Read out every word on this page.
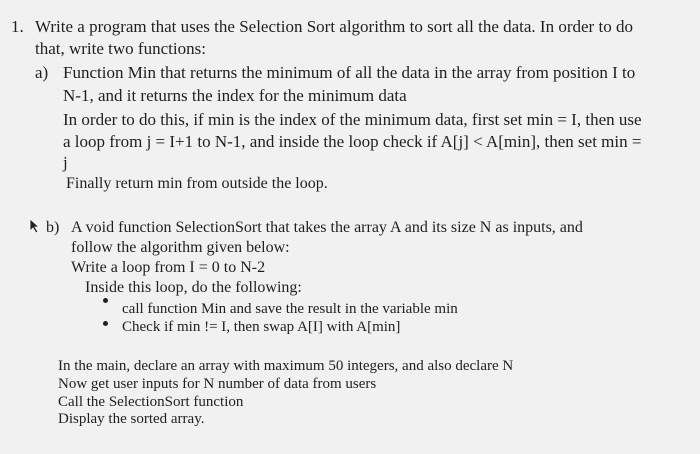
1. Write a program that uses the Selection Sort algorithm to sort all the data. In order to do
that, write two functions:
a) Function Min that returns the minimum of all the data in the array from position I to
N-1, and it returns the index for the minimum data
In order to do this, if min is the index of the minimum data, first set min = I, then use
a loop from j = I+1 to N-1, and inside the loop check if A[j] < A[min], then set min =
j
Finally return min from outside the loop.
b) A void function SelectionSort that takes the array A and its size N as inputs, and
follow the algorithm given below:
Write a loop from I = 0 to N-2
Inside this loop, do the following:
call function Min and save the result in the variable min
Check if min != I, then swap A[I] with A[min]
In the main, declare an array with maximum 50 integers, and also declare N
Now get user inputs for N number of data from users
Call the SelectionSort function
Display the sorted array.
